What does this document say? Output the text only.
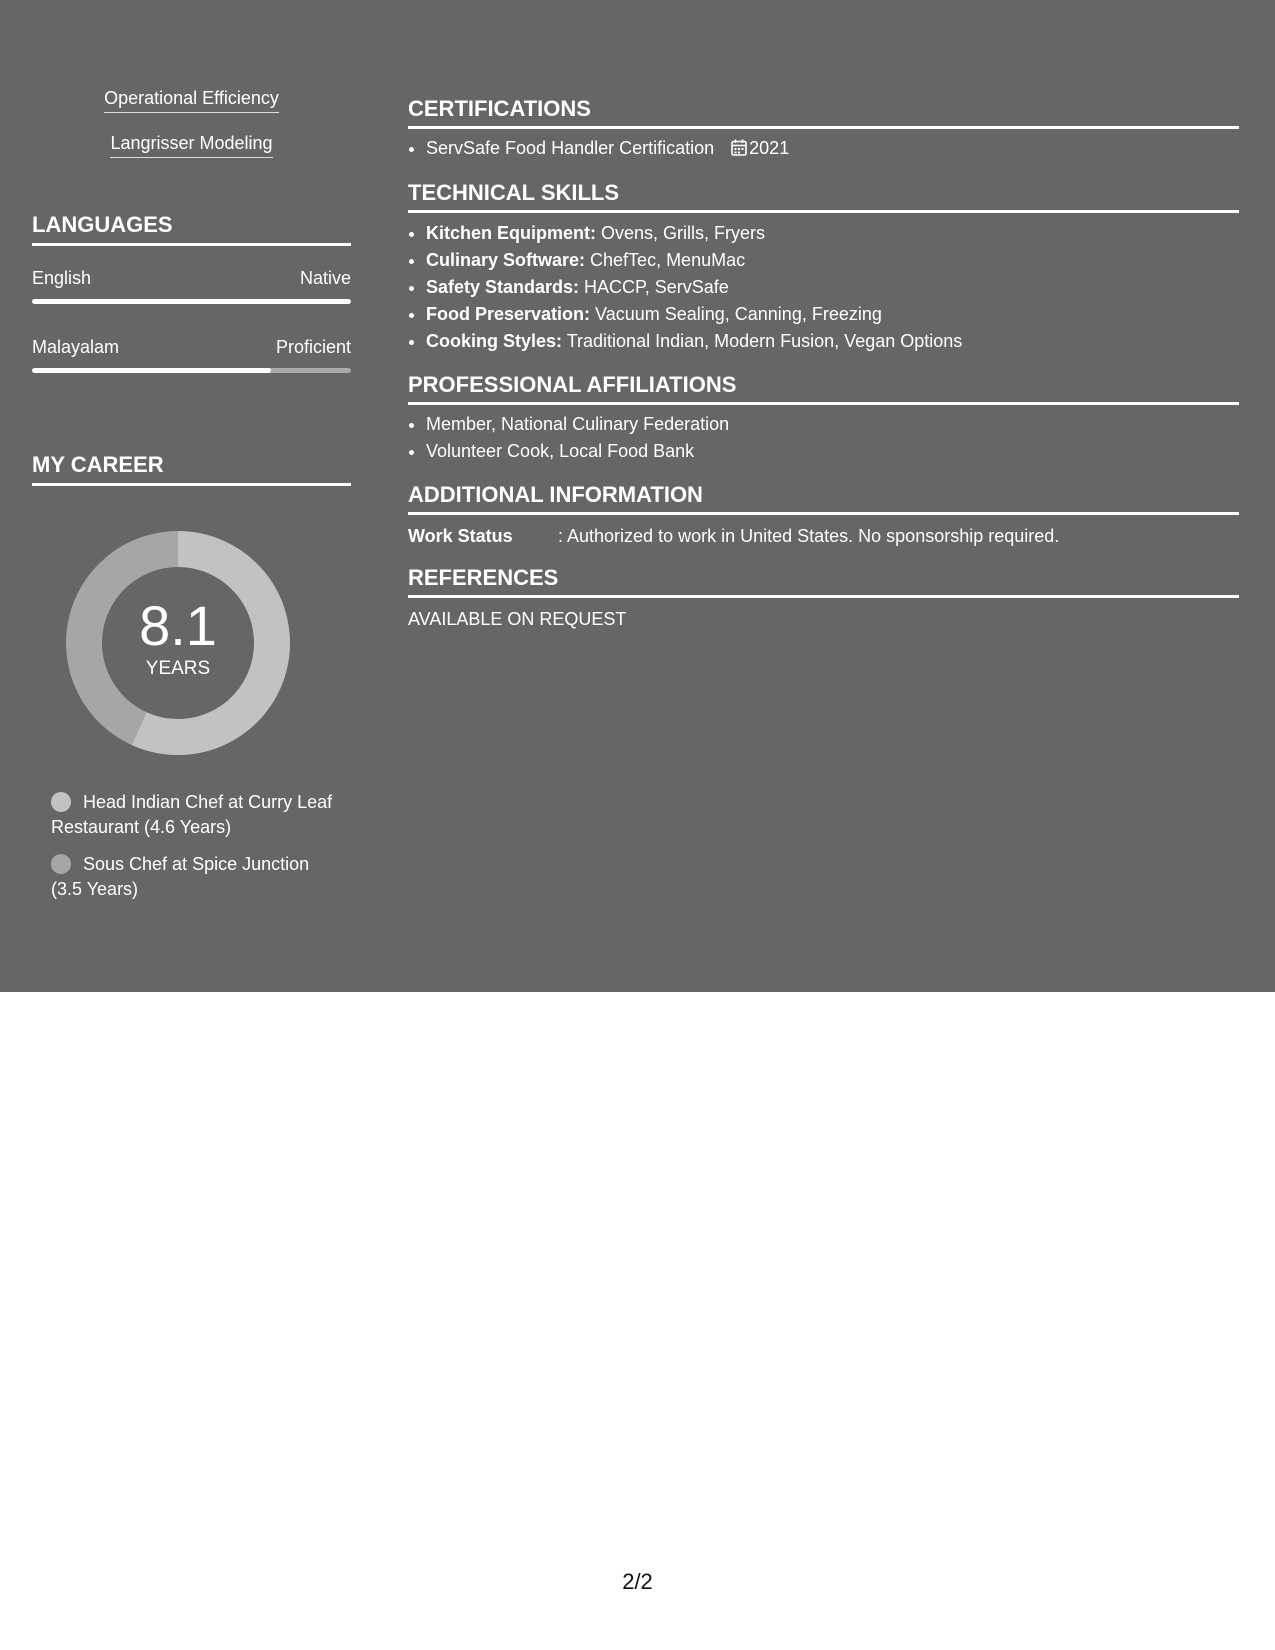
Operational Efficiency
Langrisser Modeling
LANGUAGES
English	Native
Malayalam	Proficient
MY CAREER
8.1
YEARS
Head Indian Chef at Curry Leaf Restaurant (4.6 Years)
Sous Chef at Spice Junction (3.5 Years)
CERTIFICATIONS
• ServSafe Food Handler Certification 2021
TECHNICAL SKILLS
• Kitchen Equipment: Ovens, Grills, Fryers
• Culinary Software: ChefTec, MenuMac
• Safety Standards: HACCP, ServSafe
• Food Preservation: Vacuum Sealing, Canning, Freezing
• Cooking Styles: Traditional Indian, Modern Fusion, Vegan Options
PROFESSIONAL AFFILIATIONS
• Member, National Culinary Federation
• Volunteer Cook, Local Food Bank
ADDITIONAL INFORMATION
Work Status	: Authorized to work in United States. No sponsorship required.
REFERENCES
AVAILABLE ON REQUEST
2/2
